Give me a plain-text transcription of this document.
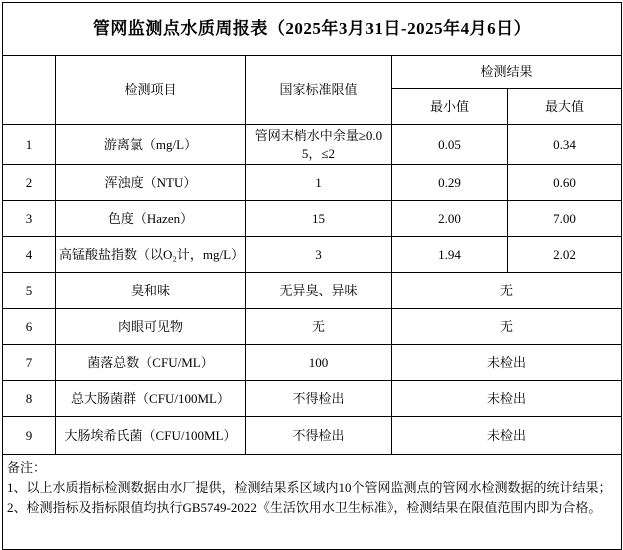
管网监测点水质周报表（2025年3月31日-2025年4月6日）				
	检测项目	国家标准限值	检测结果	
			最小值	最大值
1	游离氯（mg/L）	管网末梢水中余量≥0.05，≤2	0.05	0.34
2	浑浊度（NTU）	1	0.29	0.60
3	色度（Hazen）	15	2.00	7.00
4	高锰酸盐指数（以O₂计，mg/L）	3	1.94	2.02
5	臭和味	无异臭、异味	无	
6	肉眼可见物	无	无	
7	菌落总数（CFU/ML）	100	未检出	
8	总大肠菌群（CFU/100ML）	不得检出	未检出	
9	大肠埃希氏菌（CFU/100ML）	不得检出	未检出	

备注：
1、以上水质指标检测数据由水厂提供，检测结果系区域内10个管网监测点的管网水检测数据的统计结果；
2、检测指标及指标限值均执行GB5749-2022《生活饮用水卫生标准》，检测结果在限值范围内即为合格。				
